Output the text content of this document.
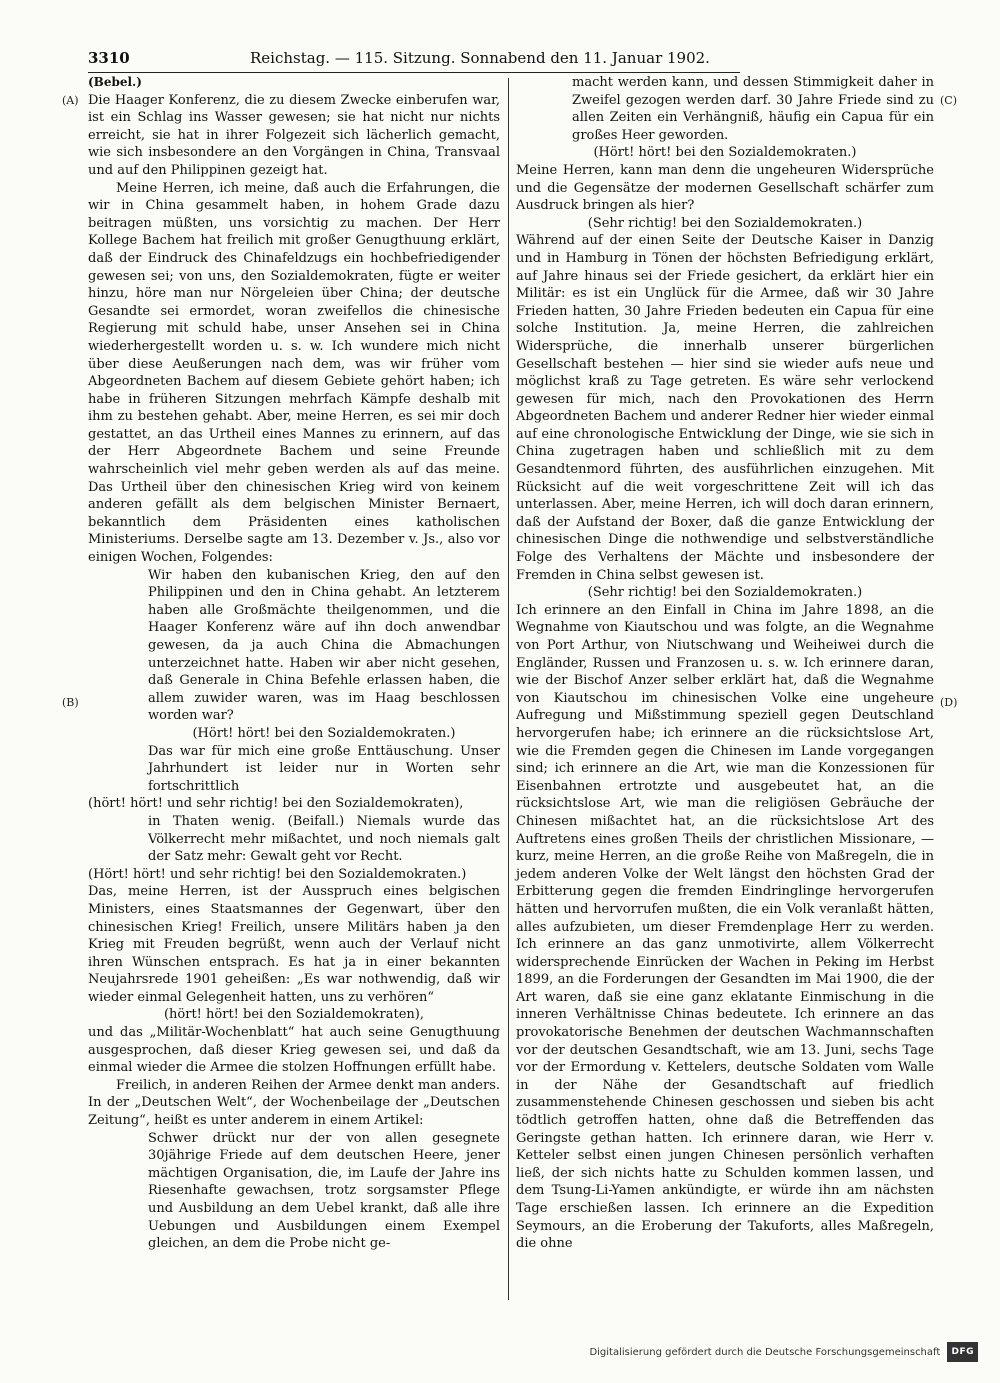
3310	Reichstag. — 115. Sitzung. Sonnabend den 11. Januar 1902.
(A)
(B)
(C)
(D)

(Bebel.)

Die Haager Konferenz, die zu diesem Zwecke einberufen war, ist ein Schlag ins Wasser gewesen; sie hat nicht nur nichts erreicht, sie hat in ihrer Folgezeit sich lächerlich gemacht, wie sich insbesondere an den Vorgängen in China, Transvaal und auf den Philippinen gezeigt hat.

Meine Herren, ich meine, daß auch die Erfahrungen, die wir in China gesammelt haben, in hohem Grade dazu beitragen müßten, uns vorsichtig zu machen. Der Herr Kollege Bachem hat freilich mit großer Genugthuung erklärt, daß der Eindruck des Chinafeldzugs ein hochbefriedigender gewesen sei; von uns, den Sozialdemokraten, fügte er weiter hinzu, höre man nur Nörgeleien über China; der deutsche Gesandte sei ermordet, woran zweifellos die chinesische Regierung mit schuld habe, unser Ansehen sei in China wiederhergestellt worden u. s. w. Ich wundere mich nicht über diese Aeußerungen nach dem, was wir früher vom Abgeordneten Bachem auf diesem Gebiete gehört haben; ich habe in früheren Sitzungen mehrfach Kämpfe deshalb mit ihm zu bestehen gehabt. Aber, meine Herren, es sei mir doch gestattet, an das Urtheil eines Mannes zu erinnern, auf das der Herr Abgeordnete Bachem und seine Freunde wahrscheinlich viel mehr geben werden als auf das meine. Das Urtheil über den chinesischen Krieg wird von keinem anderen gefällt als dem belgischen Minister Bernaert, bekanntlich dem Präsidenten eines katholischen Ministeriums. Derselbe sagte am 13. Dezember v. Js., also vor einigen Wochen, Folgendes:

Wir haben den kubanischen Krieg, den auf den Philippinen und den in China gehabt. An letzterem haben alle Großmächte theilgenommen, und die Haager Konferenz wäre auf ihn doch anwendbar gewesen, da ja auch China die Abmachungen unterzeichnet hatte. Haben wir aber nicht gesehen, daß Generale in China Befehle erlassen haben, die allem zuwider waren, was im Haag beschlossen worden war?

(Hört! hört! bei den Sozialdemokraten.)

Das war für mich eine große Enttäuschung. Unser Jahrhundert ist leider nur in Worten sehr fortschrittlich

(hört! hört! und sehr richtig! bei den Sozialdemokraten),

in Thaten wenig. (Beifall.) Niemals wurde das Völkerrecht mehr mißachtet, und noch niemals galt der Satz mehr: Gewalt geht vor Recht.

(Hört! hört! und sehr richtig! bei den Sozialdemokraten.)

Das, meine Herren, ist der Ausspruch eines belgischen Ministers, eines Staatsmannes der Gegenwart, über den chinesischen Krieg! Freilich, unsere Militärs haben ja den Krieg mit Freuden begrüßt, wenn auch der Verlauf nicht ihren Wünschen entsprach. Es hat ja in einer bekannten Neujahrsrede 1901 geheißen: „Es war nothwendig, daß wir wieder einmal Gelegenheit hatten, uns zu verhören“

(hört! hört! bei den Sozialdemokraten),

und das „Militär-Wochenblatt“ hat auch seine Genugthuung ausgesprochen, daß dieser Krieg gewesen sei, und daß da einmal wieder die Armee die stolzen Hoffnungen erfüllt habe.

Freilich, in anderen Reihen der Armee denkt man anders. In der „Deutschen Welt“, der Wochenbeilage der „Deutschen Zeitung“, heißt es unter anderem in einem Artikel:

Schwer drückt nur der von allen gesegnete 30jährige Friede auf dem deutschen Heere, jener mächtigen Organisation, die, im Laufe der Jahre ins Riesenhafte gewachsen, trotz sorgsamster Pflege und Ausbildung an dem Uebel krankt, daß alle ihre Uebungen und Ausbildungen einem Exempel gleichen, an dem die Probe nicht ge-

macht werden kann, und dessen Stimmigkeit daher in Zweifel gezogen werden darf. 30 Jahre Friede sind zu allen Zeiten ein Verhängniß, häufig ein Capua für ein großes Heer geworden.

(Hört! hört! bei den Sozialdemokraten.)

Meine Herren, kann man denn die ungeheuren Widersprüche und die Gegensätze der modernen Gesellschaft schärfer zum Ausdruck bringen als hier?

(Sehr richtig! bei den Sozialdemokraten.)

Während auf der einen Seite der Deutsche Kaiser in Danzig und in Hamburg in Tönen der höchsten Befriedigung erklärt, auf Jahre hinaus sei der Friede gesichert, da erklärt hier ein Militär: es ist ein Unglück für die Armee, daß wir 30 Jahre Frieden hatten, 30 Jahre Frieden bedeuten ein Capua für eine solche Institution. Ja, meine Herren, die zahlreichen Widersprüche, die innerhalb unserer bürgerlichen Gesellschaft bestehen — hier sind sie wieder aufs neue und möglichst kraß zu Tage getreten. Es wäre sehr verlockend gewesen für mich, nach den Provokationen des Herrn Abgeordneten Bachem und anderer Redner hier wieder einmal auf eine chronologische Entwicklung der Dinge, wie sie sich in China zugetragen haben und schließlich mit zu dem Gesandtenmord führten, des ausführlichen einzugehen. Mit Rücksicht auf die weit vorgeschrittene Zeit will ich das unterlassen. Aber, meine Herren, ich will doch daran erinnern, daß der Aufstand der Boxer, daß die ganze Entwicklung der chinesischen Dinge die nothwendige und selbstverständliche Folge des Verhaltens der Mächte und insbesondere der Fremden in China selbst gewesen ist.

(Sehr richtig! bei den Sozialdemokraten.)

Ich erinnere an den Einfall in China im Jahre 1898, an die Wegnahme von Kiautschou und was folgte, an die Wegnahme von Port Arthur, von Niutschwang und Weiheiwei durch die Engländer, Russen und Franzosen u. s. w. Ich erinnere daran, wie der Bischof Anzer selber erklärt hat, daß die Wegnahme von Kiautschou im chinesischen Volke eine ungeheure Aufregung und Mißstimmung speziell gegen Deutschland hervorgerufen habe; ich erinnere an die rücksichtslose Art, wie die Fremden gegen die Chinesen im Lande vorgegangen sind; ich erinnere an die Art, wie man die Konzessionen für Eisenbahnen ertrotzte und ausgebeutet hat, an die rücksichtslose Art, wie man die religiösen Gebräuche der Chinesen mißachtet hat, an die rücksichtslose Art des Auftretens eines großen Theils der christlichen Missionare, — kurz, meine Herren, an die große Reihe von Maßregeln, die in jedem anderen Volke der Welt längst den höchsten Grad der Erbitterung gegen die fremden Eindringlinge hervorgerufen hätten und hervorrufen mußten, die ein Volk veranlaßt hätten, alles aufzubieten, um dieser Fremdenplage Herr zu werden. Ich erinnere an das ganz unmotivirte, allem Völkerrecht widersprechende Einrücken der Wachen in Peking im Herbst 1899, an die Forderungen der Gesandten im Mai 1900, die der Art waren, daß sie eine ganz eklatante Einmischung in die inneren Verhältnisse Chinas bedeutete. Ich erinnere an das provokatorische Benehmen der deutschen Wachmannschaften vor der deutschen Gesandtschaft, wie am 13. Juni, sechs Tage vor der Ermordung v. Kettelers, deutsche Soldaten vom Walle in der Nähe der Gesandtschaft auf friedlich zusammenstehende Chinesen geschossen und sieben bis acht tödtlich getroffen hatten, ohne daß die Betreffenden das Geringste gethan hatten. Ich erinnere daran, wie Herr v. Ketteler selbst einen jungen Chinesen persönlich verhaften ließ, der sich nichts hatte zu Schulden kommen lassen, und dem Tsung-Li-Yamen ankündigte, er würde ihn am nächsten Tage erschießen lassen. Ich erinnere an die Expedition Seymours, an die Eroberung der Takuforts, alles Maßregeln, die ohne

Digitalisierung gefördert durch die Deutsche Forschungsgemeinschaft DFG
